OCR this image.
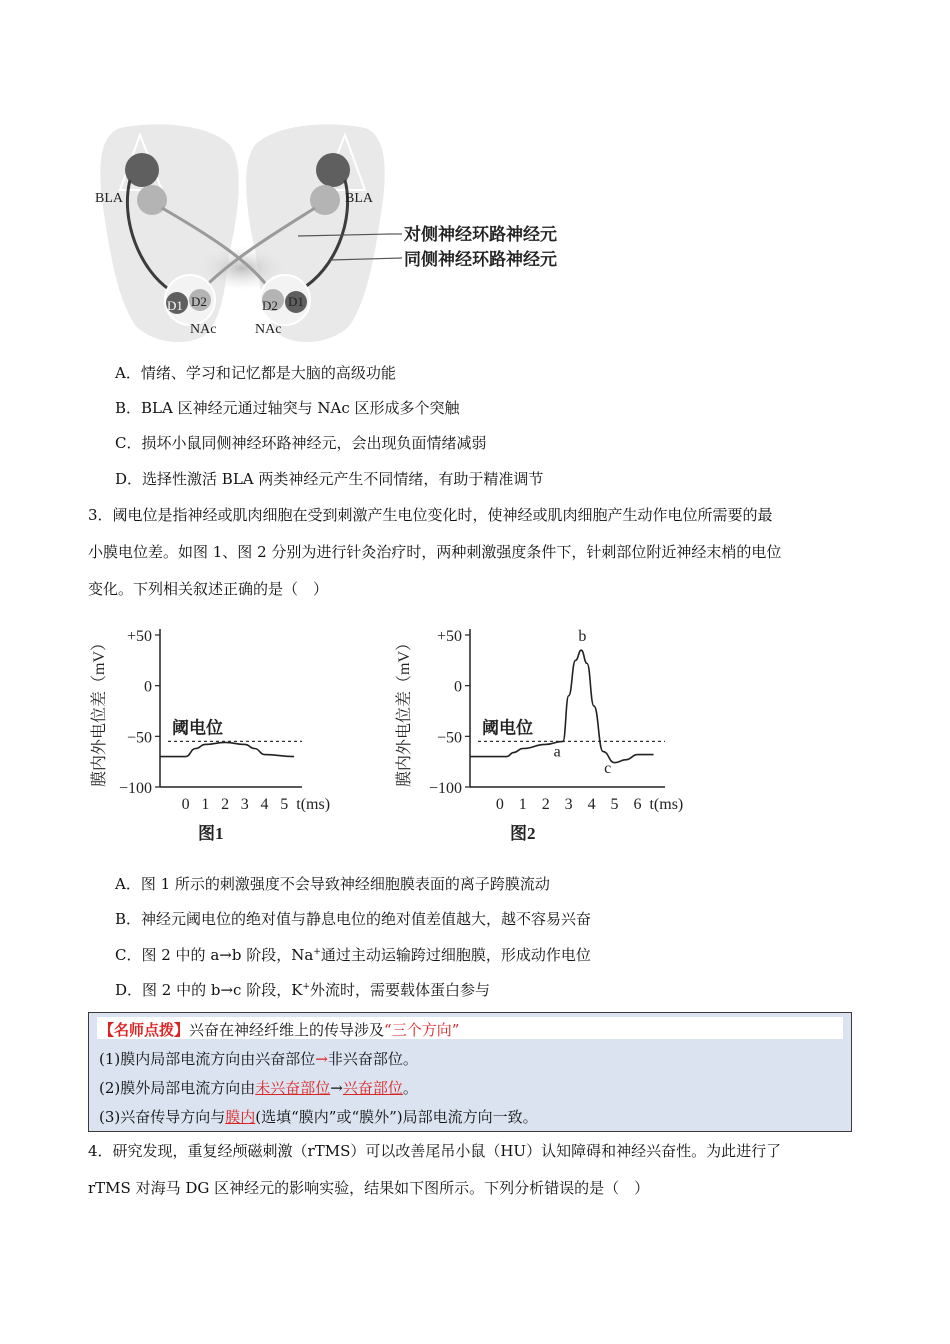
BLA	BLA
D1 D2	D2 D1
NAc	NAc
对侧神经环路神经元
同侧神经环路神经元
A．情绪、学习和记忆都是大脑的高级功能
B．BLA 区神经元通过轴突与 NAc 区形成多个突触
C．损坏小鼠同侧神经环路神经元，会出现负面情绪减弱
D．选择性激活 BLA 两类神经元产生不同情绪，有助于精准调节
3．阈电位是指神经或肌肉细胞在受到刺激产生电位变化时，使神经或肌肉细胞产生动作电位所需要的最
小膜电位差。如图 1、图 2 分别为进行针灸治疗时，两种刺激强度条件下，针刺部位附近神经末梢的电位
变化。下列相关叙述正确的是（　）
+50
0
−50
−100
0 1 2 3 4 5 t(ms)
膜内外电位差（mV）	阈电位
图1
+50
0
−50
−100
0 1 2 3 4 5 6 t(ms)
膜内外电位差（mV）	阈电位
a
b
c
图2
A．图 1 所示的刺激强度不会导致神经细胞膜表面的离子跨膜流动
B．神经元阈电位的绝对值与静息电位的绝对值差值越大，越不容易兴奋
C．图 2 中的 a→b 阶段，Na+通过主动运输跨过细胞膜，形成动作电位
D．图 2 中的 b→c 阶段，K+外流时，需要载体蛋白参与
【名师点拨】兴奋在神经纤维上的传导涉及“三个方向”
(1)膜内局部电流方向由兴奋部位→非兴奋部位。
(2)膜外局部电流方向由未兴奋部位→兴奋部位。
(3)兴奋传导方向与膜内(选填“膜内”或“膜外”)局部电流方向一致。
4．研究发现，重复经颅磁刺激（rTMS）可以改善尾吊小鼠（HU）认知障碍和神经兴奋性。为此进行了
rTMS 对海马 DG 区神经元的影响实验，结果如下图所示。下列分析错误的是（　）
